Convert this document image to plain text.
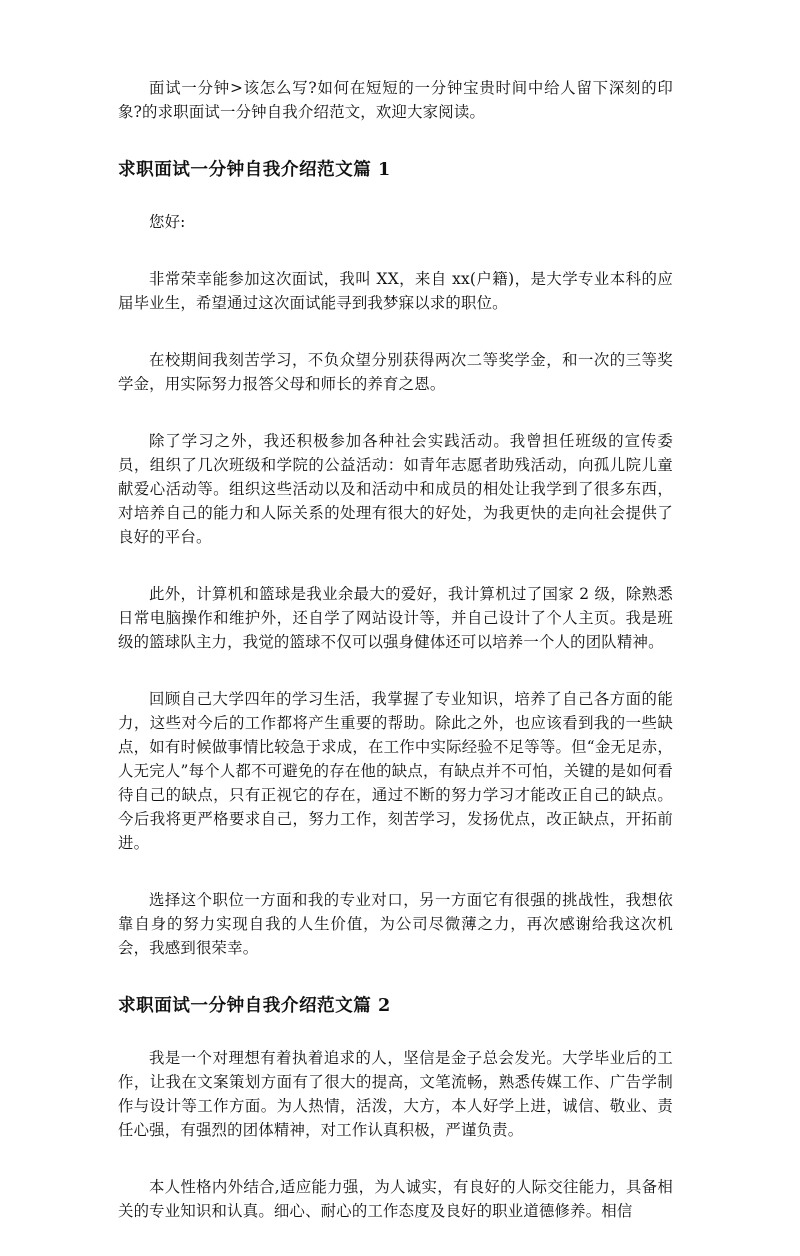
面试一分钟>该怎么写?如何在短短的一分钟宝贵时间中给人留下深刻的印象?的求职面试一分钟自我介绍范文，欢迎大家阅读。

求职面试一分钟自我介绍范文篇 1

您好:

非常荣幸能参加这次面试，我叫 XX，来自 xx(户籍)，是大学专业本科的应届毕业生，希望通过这次面试能寻到我梦寐以求的职位。

在校期间我刻苦学习，不负众望分别获得两次二等奖学金，和一次的三等奖学金，用实际努力报答父母和师长的养育之恩。

除了学习之外，我还积极参加各种社会实践活动。我曾担任班级的宣传委员，组织了几次班级和学院的公益活动：如青年志愿者助残活动，向孤儿院儿童献爱心活动等。组织这些活动以及和活动中和成员的相处让我学到了很多东西，对培养自己的能力和人际关系的处理有很大的好处，为我更快的走向社会提供了良好的平台。

此外，计算机和篮球是我业余最大的爱好，我计算机过了国家 2 级，除熟悉日常电脑操作和维护外，还自学了网站设计等，并自己设计了个人主页。我是班级的篮球队主力，我觉的篮球不仅可以强身健体还可以培养一个人的团队精神。

回顾自己大学四年的学习生活，我掌握了专业知识，培养了自己各方面的能力，这些对今后的工作都将产生重要的帮助。除此之外，也应该看到我的一些缺点，如有时候做事情比较急于求成，在工作中实际经验不足等等。但“金无足赤，人无完人”每个人都不可避免的存在他的缺点，有缺点并不可怕，关键的是如何看待自己的缺点，只有正视它的存在，通过不断的努力学习才能改正自己的缺点。今后我将更严格要求自己，努力工作，刻苦学习，发扬优点，改正缺点，开拓前进。

选择这个职位一方面和我的专业对口，另一方面它有很强的挑战性，我想依靠自身的努力实现自我的人生价值，为公司尽微薄之力，再次感谢给我这次机会，我感到很荣幸。

求职面试一分钟自我介绍范文篇 2

我是一个对理想有着执着追求的人，坚信是金子总会发光。大学毕业后的工作，让我在文案策划方面有了很大的提高，文笔流畅，熟悉传媒工作、广告学制作与设计等工作方面。为人热情，活泼，大方，本人好学上进，诚信、敬业、责任心强，有强烈的团体精神，对工作认真积极，严谨负责。

本人性格内外结合,适应能力强，为人诚实，有良好的人际交往能力，具备相关的专业知识和认真。细心、耐心的工作态度及良好的职业道德修养。相信
